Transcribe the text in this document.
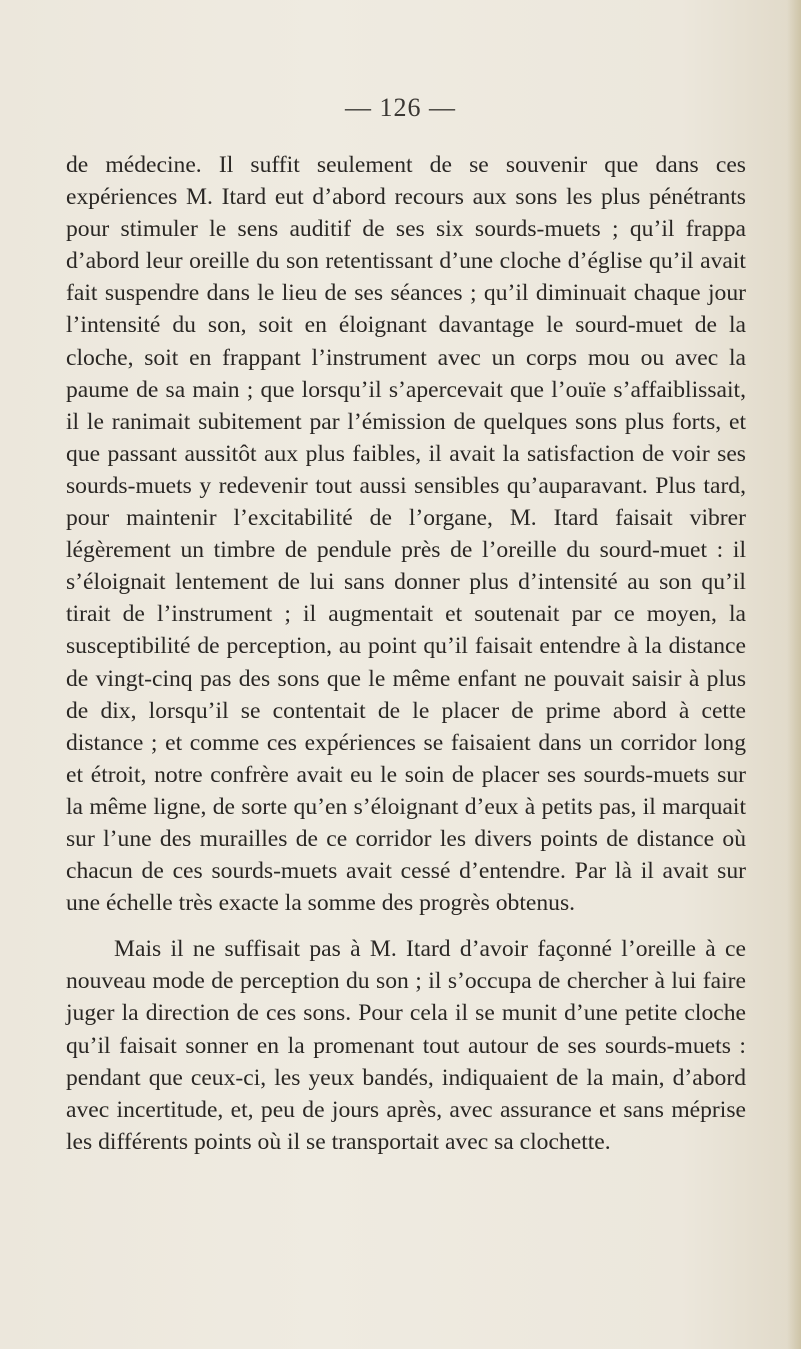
— 126 —

de médecine. Il suffit seulement de se souvenir que dans ces expériences M. Itard eut d’abord recours aux sons les plus pénétrants pour stimuler le sens auditif de ses six sourds-muets ; qu’il frappa d’abord leur oreille du son retentissant d’une cloche d’église qu’il avait fait suspendre dans le lieu de ses séances ; qu’il diminuait chaque jour l’intensité du son, soit en éloignant davantage le sourd-muet de la cloche, soit en frappant l’instrument avec un corps mou ou avec la paume de sa main ; que lorsqu’il s’apercevait que l’ouïe s’affaiblissait, il le ranimait subitement par l’émission de quelques sons plus forts, et que passant aussitôt aux plus faibles, il avait la satisfaction de voir ses sourds-muets y redevenir tout aussi sensibles qu’auparavant. Plus tard, pour maintenir l’excitabilité de l’organe, M. Itard faisait vibrer légèrement un timbre de pendule près de l’oreille du sourd-muet : il s’éloignait lentement de lui sans donner plus d’intensité au son qu’il tirait de l’instrument ; il augmentait et soutenait par ce moyen, la susceptibilité de perception, au point qu’il faisait entendre à la distance de vingt-cinq pas des sons que le même enfant ne pouvait saisir à plus de dix, lorsqu’il se contentait de le placer de prime abord à cette distance ; et comme ces expériences se faisaient dans un corridor long et étroit, notre confrère avait eu le soin de placer ses sourds-muets sur la même ligne, de sorte qu’en s’éloignant d’eux à petits pas, il marquait sur l’une des murailles de ce corridor les divers points de distance où chacun de ces sourds-muets avait cessé d’entendre. Par là il avait sur une échelle très exacte la somme des progrès obtenus.

Mais il ne suffisait pas à M. Itard d’avoir façonné l’oreille à ce nouveau mode de perception du son ; il s’occupa de chercher à lui faire juger la direction de ces sons. Pour cela il se munit d’une petite cloche qu’il faisait sonner en la promenant tout autour de ses sourds-muets : pendant que ceux-ci, les yeux bandés, indiquaient de la main, d’abord avec incertitude, et, peu de jours après, avec assurance et sans méprise les différents points où il se transportait avec sa clochette.
